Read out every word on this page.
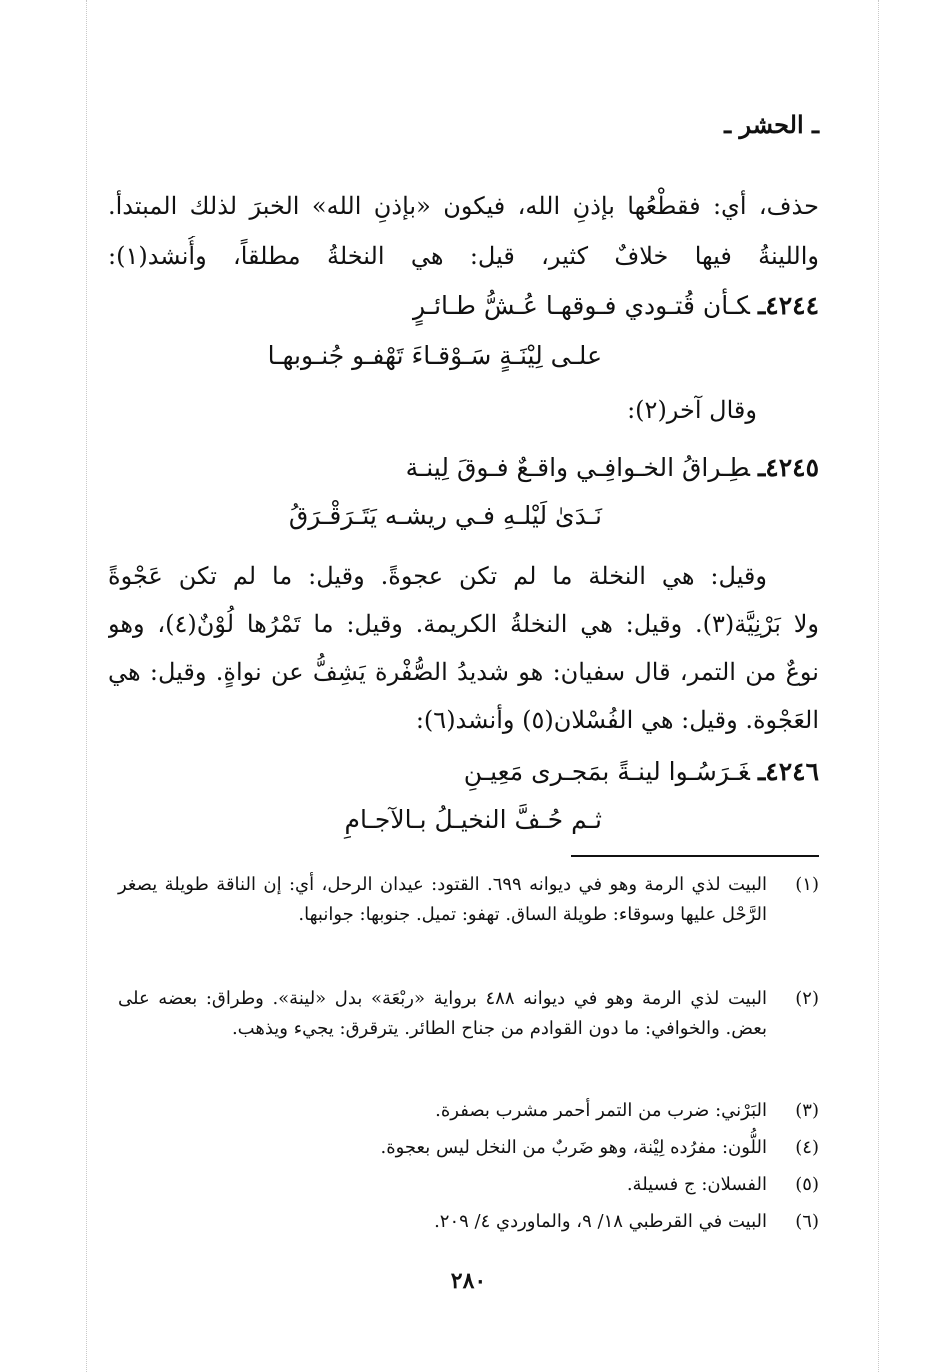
ـ الحشر ـ
حذف، أي: فقطْعُها بإذنِ الله، فيكون «بإذنِ الله» الخبرَ لذلك المبتدأ.
واللينةُ فيها خلافٌ كثير، قيل: هي النخلةُ مطلقاً، وأُنشد(١):
٤٢٤٤ـكـأن قُتـودي فـوقهـا عُـشُّ طـائـرٍ
علـى لِيْنَـةٍ سَـوْقـاءَ تَهْفـو جُنـوبهـا
وقال آخر(٢):
٤٢٤٥ـطِـراقُ الخـوافِـي واقـعٌ فـوقَ لِينـة
نَـدَىٰ لَيْلـهِ فـي ريشـه يَتَـرَقْـرَقُ
وقيل: هي النخلة ما لم تكن عجوةً. وقيل: ما لم تكن عَجْوةً
ولا بَرْنِيَّة(٣). وقيل: هي النخلةُ الكريمة. وقيل: ما تَمْرُها لُوْنٌ(٤)، وهو
نوعٌ من التمر، قال سفيان: هو شديدُ الصُّفْرة يَشِفُّ عن نواةٍ. وقيل: هي
العَجْوة. وقيل: هي الفُسْلان(٥) وأنشد(٦):
٤٢٤٦ـغَـرَسُـوا لينـةً بمَجـرى مَعِيـنِ
ثـم حُـفَّ النخيـلُ بـالآجـامِ
(١)
البيت لذي الرمة وهو في ديوانه ٦٩٩. القتود: عيدان الرحل، أي: إن الناقة طويلة يصغر الرَّحْل عليها وسوقاء: طويلة الساق. تهفو: تميل. جنوبها: جوانبها.
(٢)
البيت لذي الرمة وهو في ديوانه ٤٨٨ برواية «ربْعَة» بدل «لينة». وطراق: بعضه على بعض. والخوافي: ما دون القوادم من جناح الطائر. يترقرق: يجيء ويذهب.
(٣)
البَرْني: ضرب من التمر أحمر مشرب بصفرة.
(٤)
اللُّون: مفرُده لِيْنة، وهو ضَربٌ من النخل ليس بعجوة.
(٥)
الفسلان: ج فسيلة.
(٦)
البيت في القرطبي ١٨/ ٩، والماوردي ٤/ ٢٠٩.
٢٨٠
